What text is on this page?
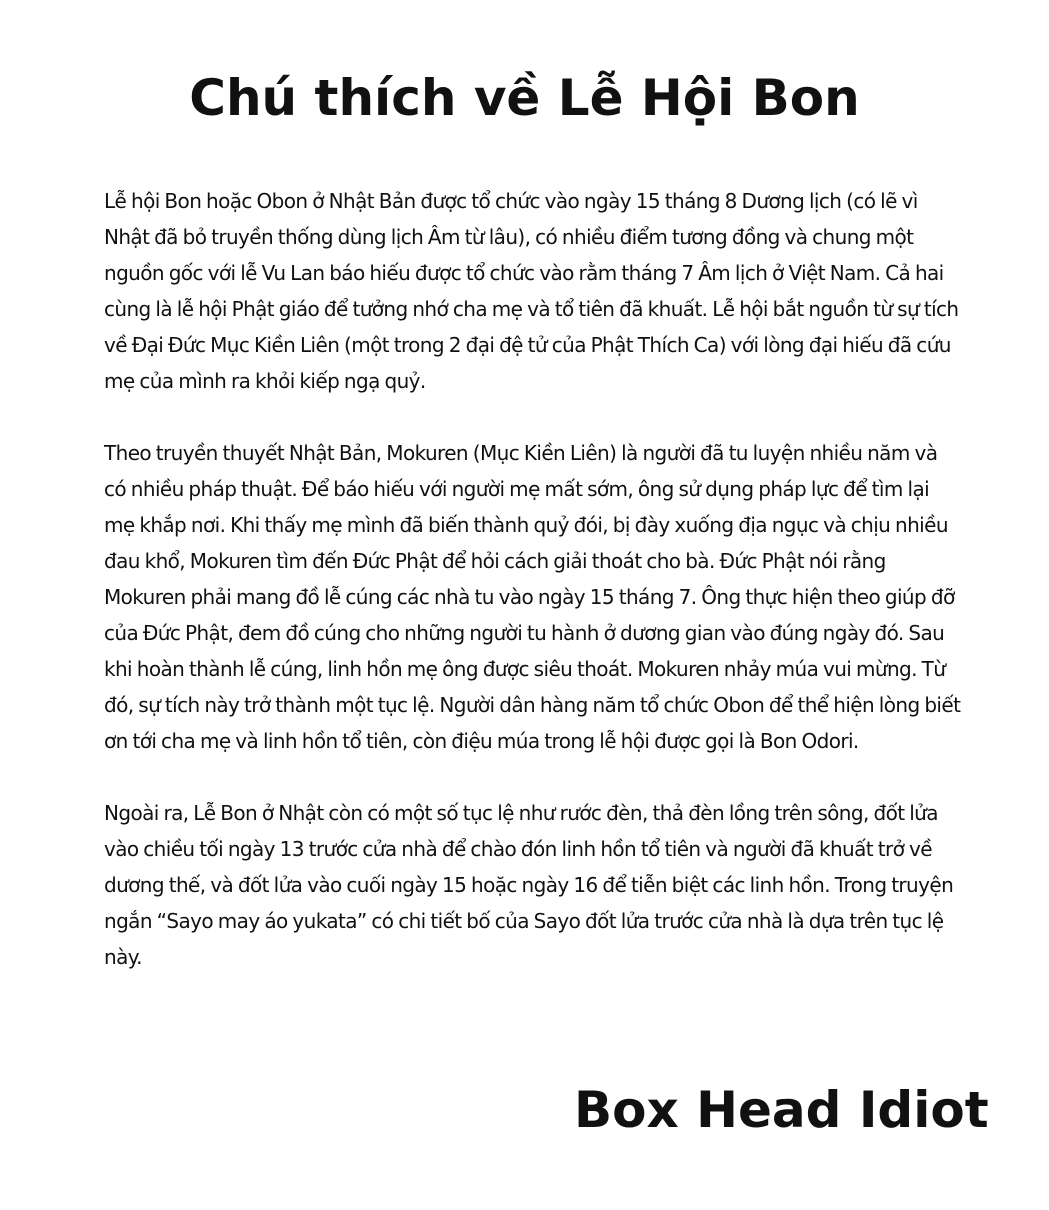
Chú thích về Lễ Hội Bon

Lễ hội Bon hoặc Obon ở Nhật Bản được tổ chức vào ngày 15 tháng 8 Dương lịch (có lẽ vì Nhật đã bỏ truyền thống dùng lịch Âm từ lâu), có nhiều điểm tương đồng và chung một nguồn gốc với lễ Vu Lan báo hiếu được tổ chức vào rằm tháng 7 Âm lịch ở Việt Nam. Cả hai cùng là lễ hội Phật giáo để tưởng nhớ cha mẹ và tổ tiên đã khuất. Lễ hội bắt nguồn từ sự tích về Đại Đức Mục Kiền Liên (một trong 2 đại đệ tử của Phật Thích Ca) với lòng đại hiếu đã cứu mẹ của mình ra khỏi kiếp ngạ quỷ.

Theo truyền thuyết Nhật Bản, Mokuren (Mục Kiền Liên) là người đã tu luyện nhiều năm và có nhiều pháp thuật. Để báo hiếu với người mẹ mất sớm, ông sử dụng pháp lực để tìm lại mẹ khắp nơi. Khi thấy mẹ mình đã biến thành quỷ đói, bị đày xuống địa ngục và chịu nhiều đau khổ, Mokuren tìm đến Đức Phật để hỏi cách giải thoát cho bà. Đức Phật nói rằng Mokuren phải mang đồ lễ cúng các nhà tu vào ngày 15 tháng 7. Ông thực hiện theo giúp đỡ của Đức Phật, đem đồ cúng cho những người tu hành ở dương gian vào đúng ngày đó. Sau khi hoàn thành lễ cúng, linh hồn mẹ ông được siêu thoát. Mokuren nhảy múa vui mừng. Từ đó, sự tích này trở thành một tục lệ. Người dân hàng năm tổ chức Obon để thể hiện lòng biết ơn tới cha mẹ và linh hồn tổ tiên, còn điệu múa trong lễ hội được gọi là Bon Odori.

Ngoài ra, Lễ Bon ở Nhật còn có một số tục lệ như rước đèn, thả đèn lồng trên sông, đốt lửa vào chiều tối ngày 13 trước cửa nhà để chào đón linh hồn tổ tiên và người đã khuất trở về dương thế, và đốt lửa vào cuối ngày 15 hoặc ngày 16 để tiễn biệt các linh hồn. Trong truyện ngắn “Sayo may áo yukata” có chi tiết bố của Sayo đốt lửa trước cửa nhà là dựa trên tục lệ này.

Box Head Idiot
